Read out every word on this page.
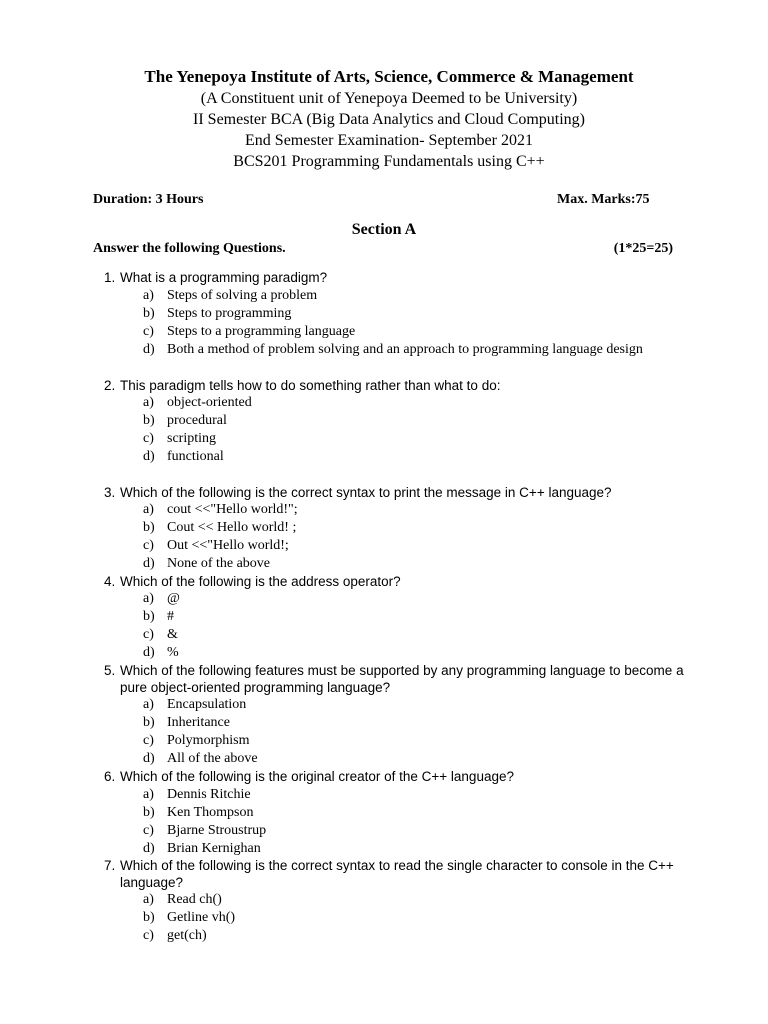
The Yenepoya Institute of Arts, Science, Commerce & Management
(A Constituent unit of Yenepoya Deemed to be University)
II Semester BCA (Big Data Analytics and Cloud Computing)
End Semester Examination- September 2021
BCS201 Programming Fundamentals using C++
Duration: 3 Hours	Max. Marks:75
Section A
Answer the following Questions.	(1*25=25)
1. What is a programming paradigm?
a) Steps of solving a problem
b) Steps to programming
c) Steps to a programming language
d) Both a method of problem solving and an approach to programming language design
2. This paradigm tells how to do something rather than what to do:
a) object-oriented
b) procedural
c) scripting
d) functional
3. Which of the following is the correct syntax to print the message in C++ language?
a) cout <<"Hello world!";
b) Cout << Hello world! ;
c) Out <<"Hello world!;
d) None of the above
4. Which of the following is the address operator?
a) @
b) #
c) &
d) %
5. Which of the following features must be supported by any programming language to become a pure object-oriented programming language?
a) Encapsulation
b) Inheritance
c) Polymorphism
d) All of the above
6. Which of the following is the original creator of the C++ language?
a) Dennis Ritchie
b) Ken Thompson
c) Bjarne Stroustrup
d) Brian Kernighan
7. Which of the following is the correct syntax to read the single character to console in the C++ language?
a) Read ch()
b) Getline vh()
c) get(ch)
